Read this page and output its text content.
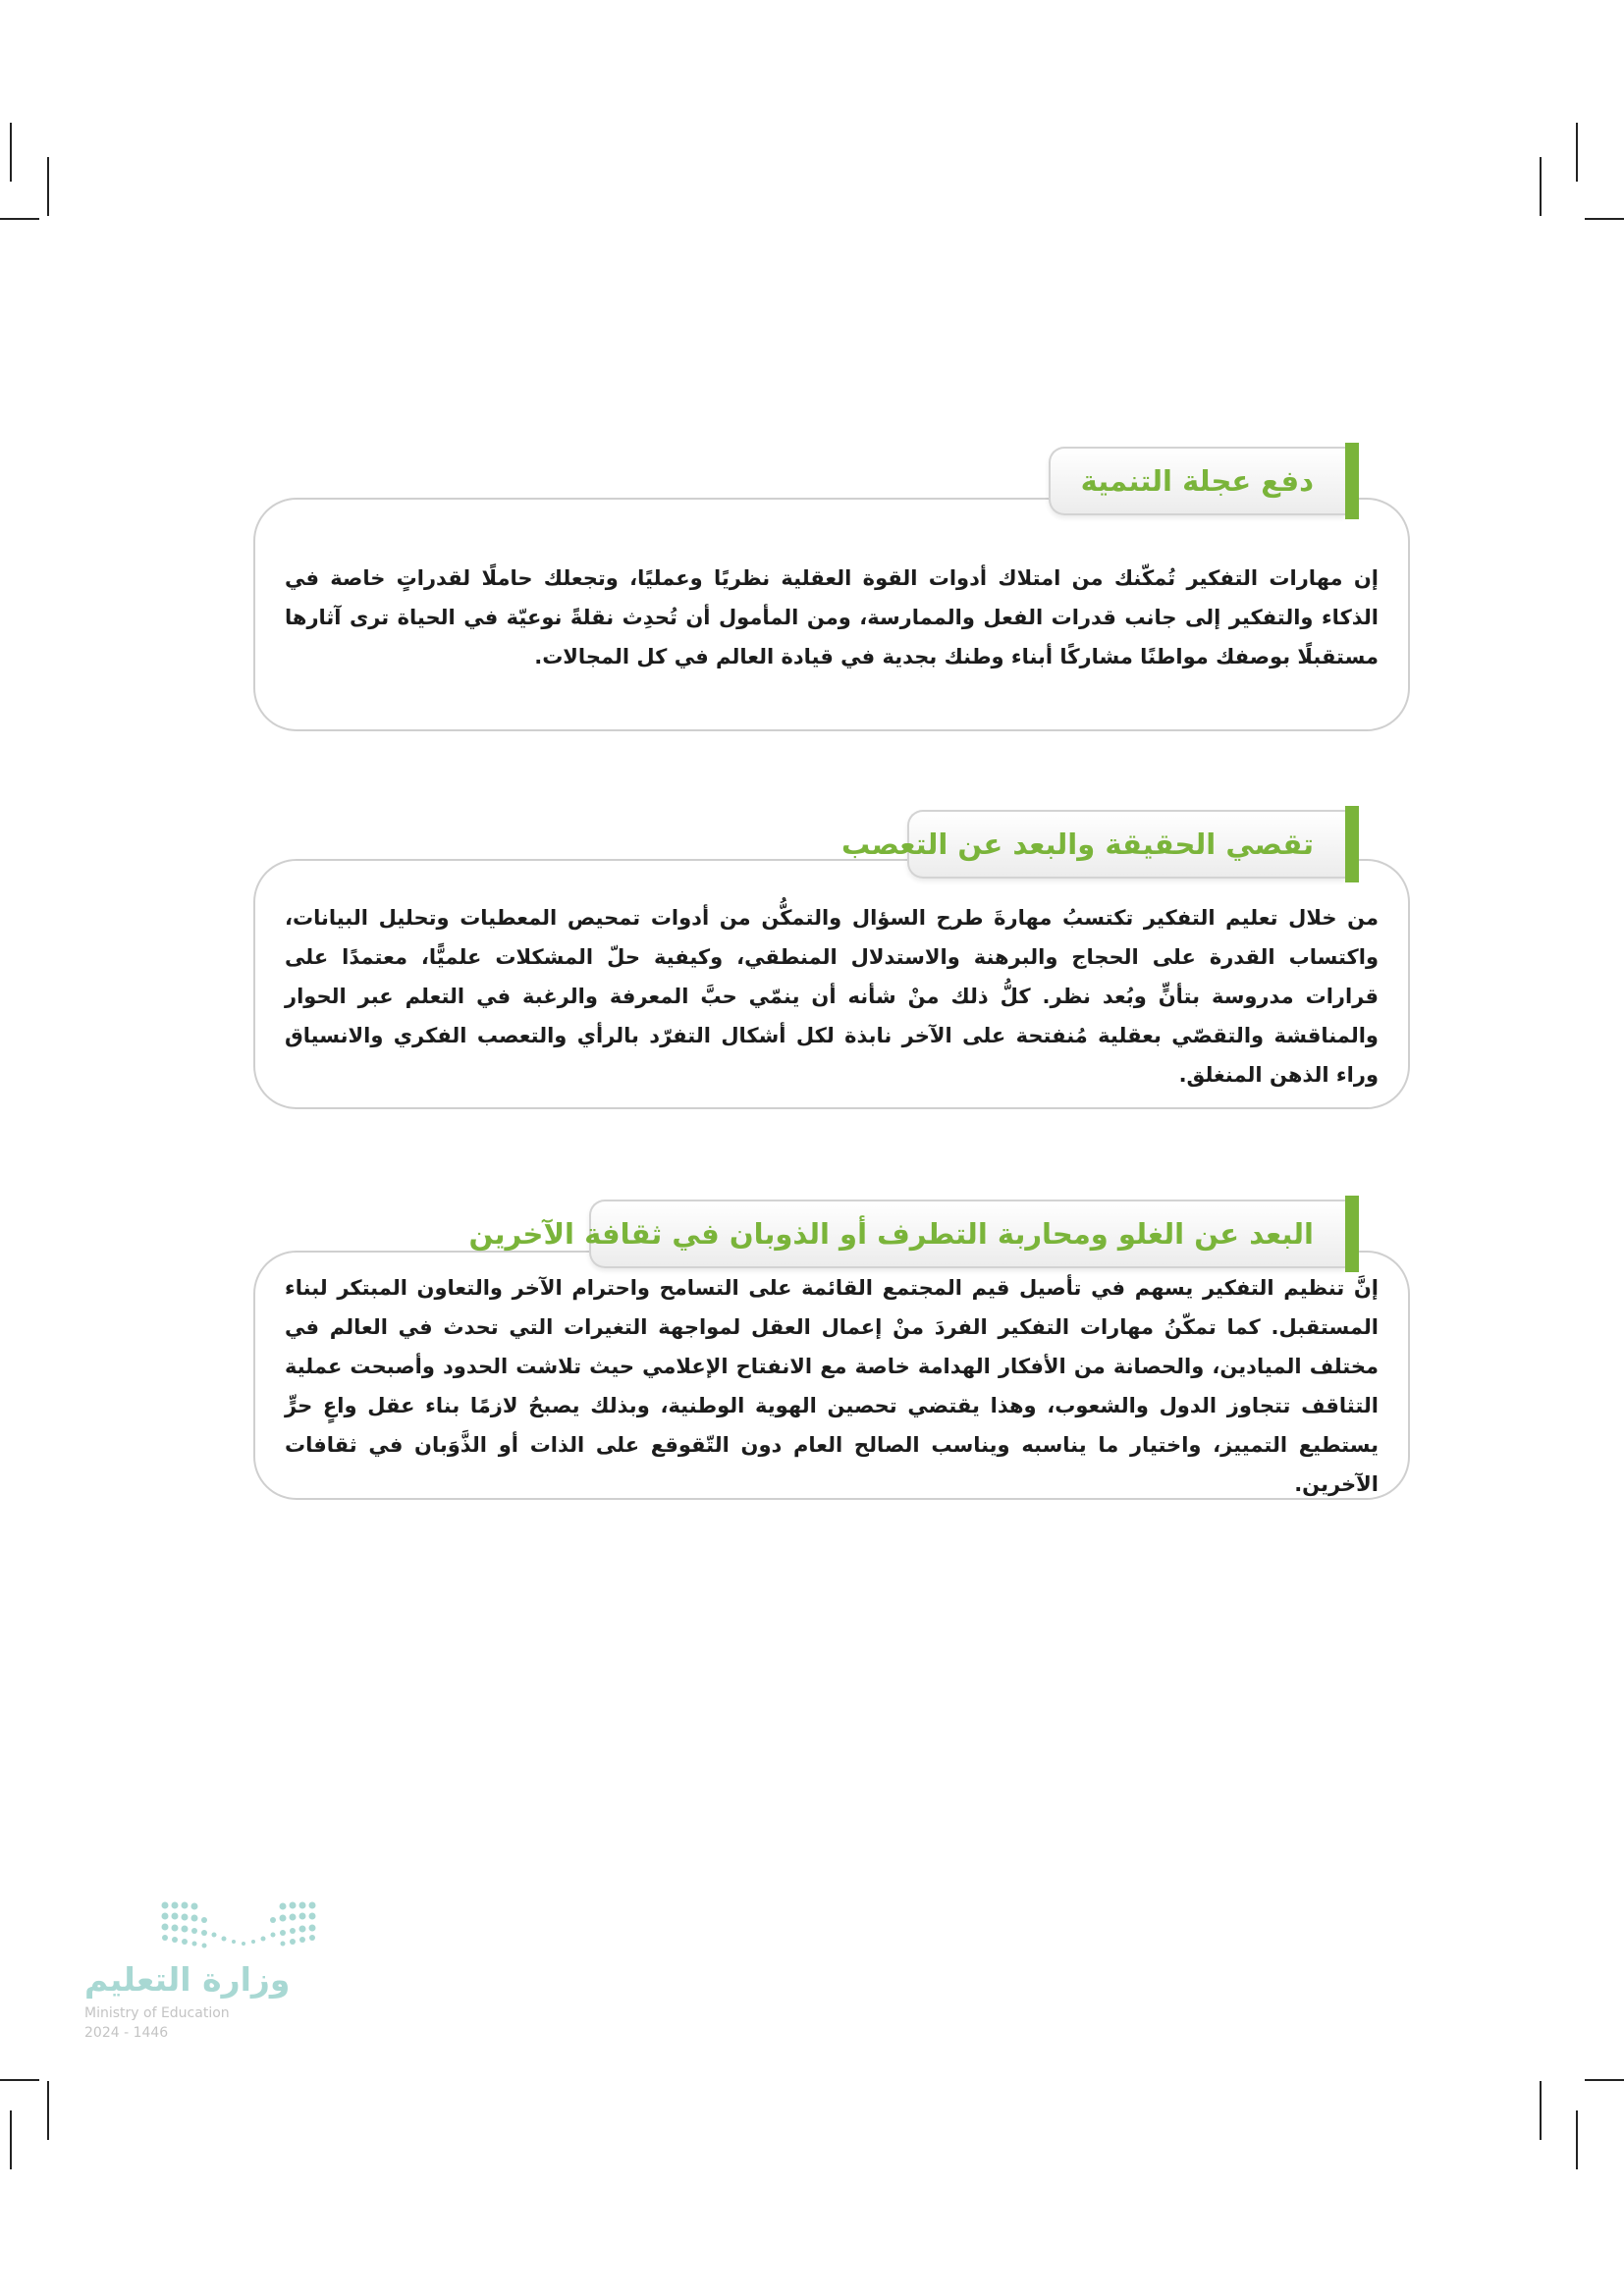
إن مهارات التفكير تُمكّنك من امتلاك أدوات القوة العقلية نظريًا وعمليًا، وتجعلك حاملًا لقدراتٍ خاصة في الذكاء والتفكير إلى جانب قدرات الفعل والممارسة، ومن المأمول أن تُحدِث نقلةً نوعيّة في الحياة ترى آثارها مستقبلًا بوصفك مواطنًا مشاركًا أبناء وطنك بجدية في قيادة العالم في كل المجالات.
دفع عجلة التنمية
من خلال تعليم التفكير تكتسبُ مهارةَ طرح السؤال والتمكُّن من أدوات تمحيص المعطيات وتحليل البيانات، واكتساب القدرة على الحجاج والبرهنة والاستدلال المنطقي، وكيفية حلّ المشكلات علميًّا، معتمدًا على قرارات مدروسة بتأنٍّ وبُعد نظر. كلُّ ذلك منْ شأنه أن ينمّي حبَّ المعرفة والرغبة في التعلم عبر الحوار والمناقشة والتقصّي بعقلية مُنفتحة على الآخر نابذة لكل أشكال التفرّد بالرأي والتعصب الفكري والانسياق وراء الذهن المنغلق.
تقصي الحقيقة والبعد عن التعصب
إنَّ تنظيم التفكير يسهم في تأصيل قيم المجتمع القائمة على التسامح واحترام الآخر والتعاون المبتكر لبناء المستقبل. كما تمكّنُ مهارات التفكير الفردَ منْ إعمال العقل لمواجهة التغيرات التي تحدث في العالم في مختلف الميادين، والحصانة من الأفكار الهدامة خاصة مع الانفتاح الإعلامي حيث تلاشت الحدود وأصبحت عملية التثاقف تتجاوز الدول والشعوب، وهذا يقتضي تحصين الهوية الوطنية، وبذلك يصبحُ لازمًا بناء عقل واعٍ حرٍّ يستطيع التمييز، واختيار ما يناسبه ويناسب الصالح العام دون التّقوقع على الذات أو الذَّوَبان في ثقافات الآخرين.
البعد عن الغلو ومحاربة التطرف أو الذوبان في ثقافة الآخرين
وزارة التعليم
Ministry of Education
2024 - 1446
